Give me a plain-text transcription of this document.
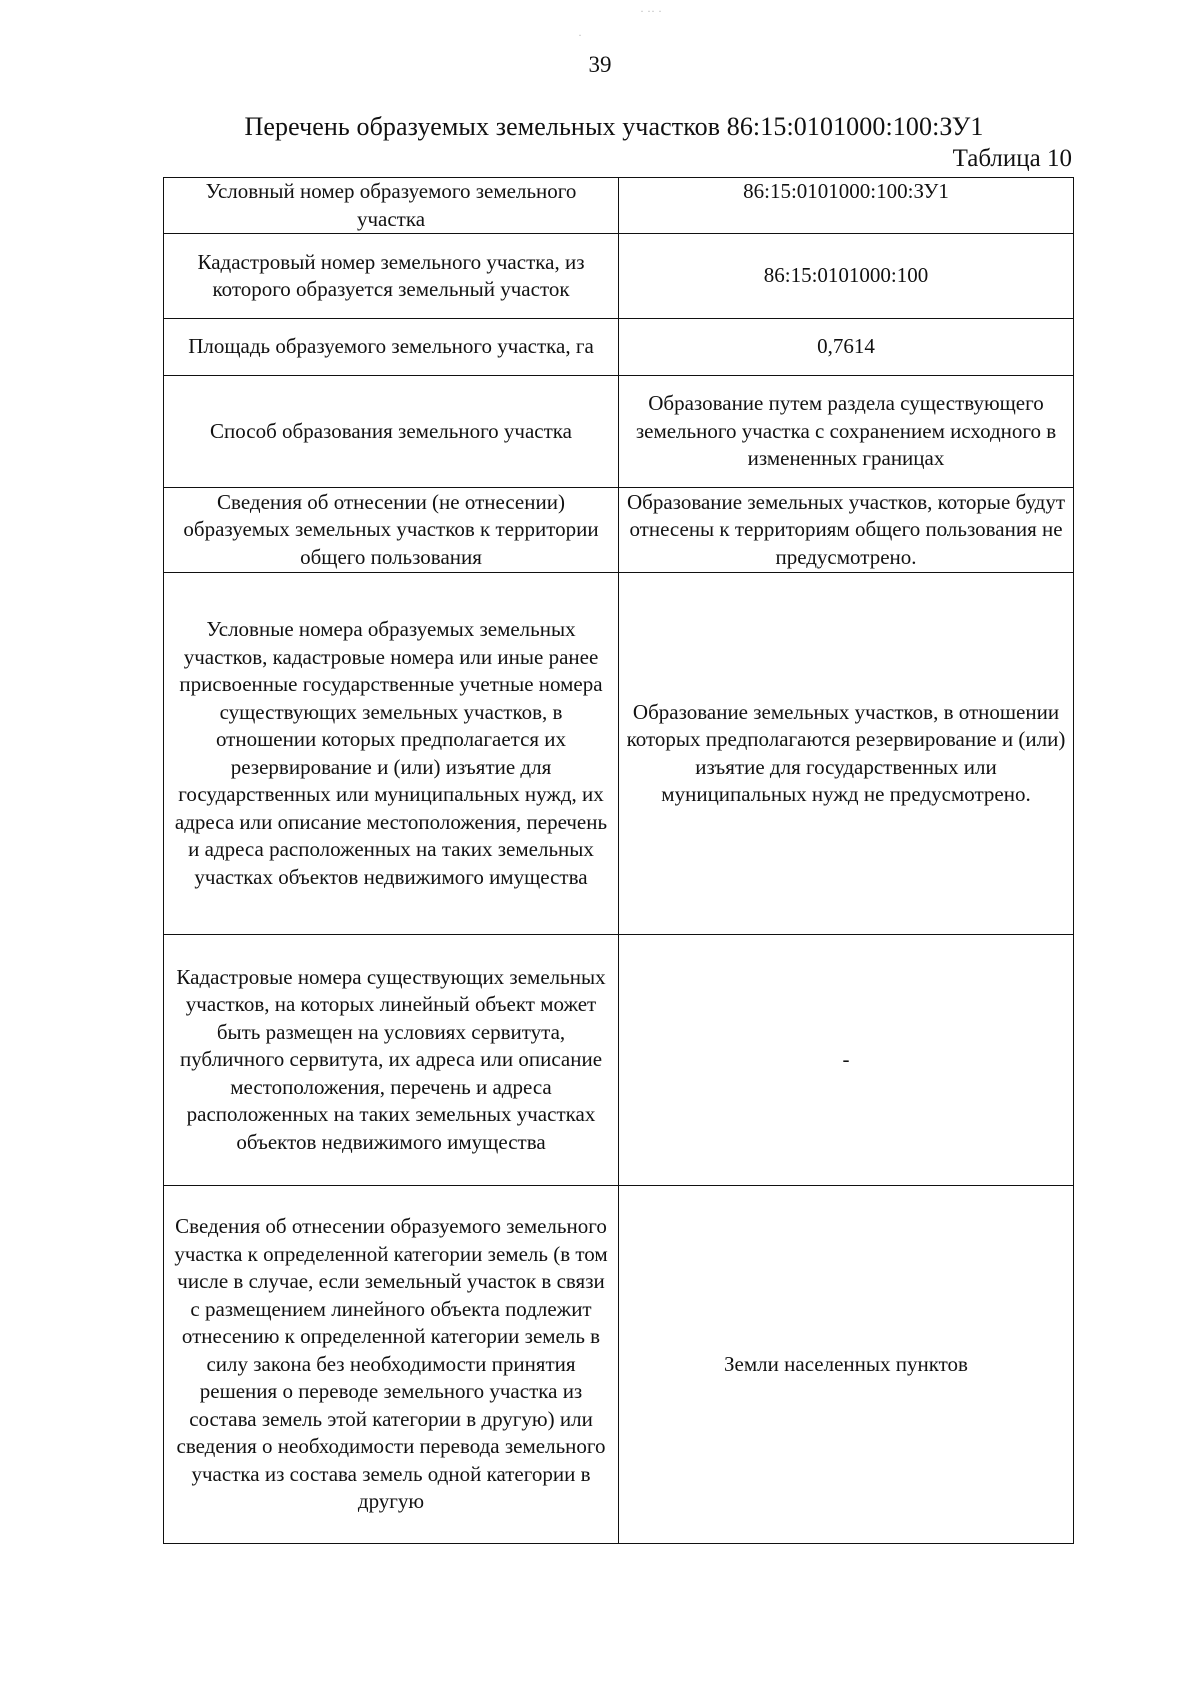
· ·· ·
·
39
Перечень образуемых земельных участков 86:15:0101000:100:ЗУ1
Таблица 10
Условный номер образуемого земельного участка	86:15:0101000:100:ЗУ1
Кадастровый номер земельного участка, из которого образуется земельный участок	86:15:0101000:100
Площадь образуемого земельного участка, га	0,7614
Способ образования земельного участка	Образование путем раздела существующего земельного участка с сохранением исходного в измененных границах
Сведения об отнесении (не отнесении) образуемых земельных участков к территории общего пользования	Образование земельных участков, которые будут отнесены к территориям общего пользования не предусмотрено.
Условные номера образуемых земельных участков, кадастровые номера или иные ранее присвоенные государственные учетные номера существующих земельных участков, в отношении которых предполагается их резервирование и (или) изъятие для государственных или муниципальных нужд, их адреса или описание местоположения, перечень и адреса расположенных на таких земельных участках объектов недвижимого имущества	Образование земельных участков, в отношении которых предполагаются резервирование и (или) изъятие для государственных или муниципальных нужд не предусмотрено.
Кадастровые номера существующих земельных участков, на которых линейный объект может быть размещен на условиях сервитута, публичного сервитута, их адреса или описание местоположения, перечень и адреса расположенных на таких земельных участках объектов недвижимого имущества	-
Сведения об отнесении образуемого земельного участка к определенной категории земель (в том числе в случае, если земельный участок в связи с размещением линейного объекта подлежит отнесению к определенной категории земель в силу закона без необходимости принятия решения о переводе земельного участка из состава земель этой категории в другую) или сведения о необходимости перевода земельного участка из состава земель одной категории в другую	Земли населенных пунктов
